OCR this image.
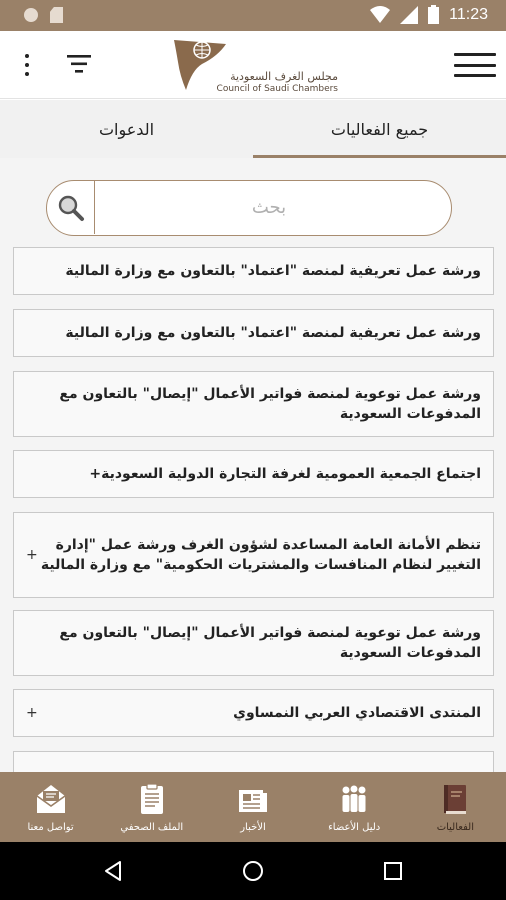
11:23
مجلس الغرف السعودية
Council of Saudi Chambers
جميع الفعاليات
الدعوات
بحث
ورشة عمل تعريفية لمنصة "اعتماد" بالتعاون مع وزارة المالية
ورشة عمل تعريفية لمنصة "اعتماد" بالتعاون مع وزارة المالية
ورشة عمل توعوية لمنصة فواتير الأعمال "إيصال" بالتعاون مع المدفوعات السعودية
اجتماع الجمعية العمومية لغرفة التجارة الدولية السعودية+
+
تنظم الأمانة العامة المساعدة لشؤون الغرف ورشة عمل "إدارة التغيير لنظام المنافسات والمشتريات الحكومية" مع وزارة المالية
ورشة عمل توعوية لمنصة فواتير الأعمال "إيصال" بالتعاون مع المدفوعات السعودية
+	المنتدى الاقتصادي العربي النمساوي
تواصل معنا	الملف الصحفي	الأخبار	دليل الأعضاء	الفعاليات
